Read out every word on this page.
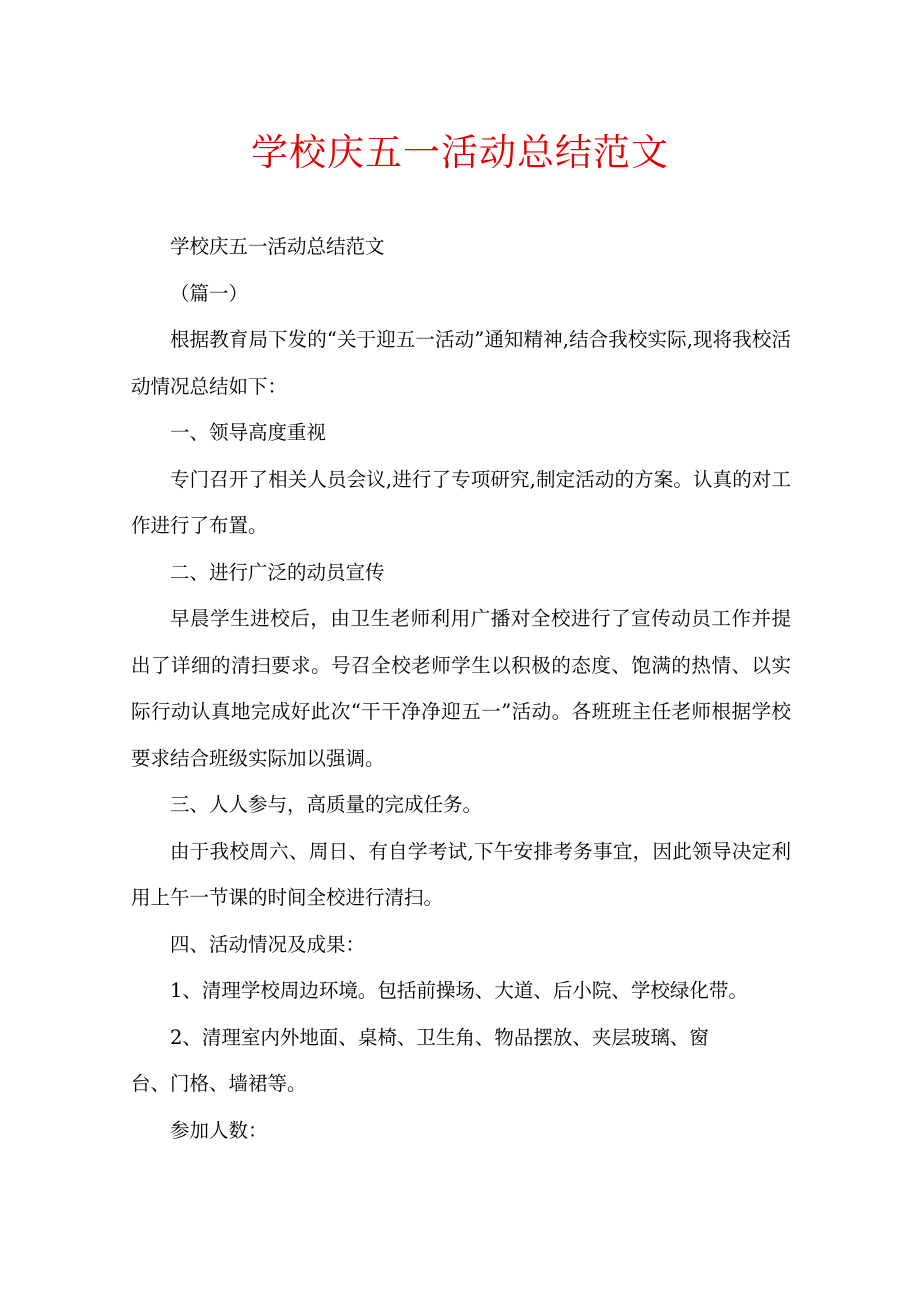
学校庆五一活动总结范文

学校庆五一活动总结范文

（篇一）

根据教育局下发的“关于迎五一活动”通知精神,结合我校实际,现将我校活动情况总结如下：

一、领导高度重视

专门召开了相关人员会议,进行了专项研究,制定活动的方案。认真的对工作进行了布置。

二、进行广泛的动员宣传

早晨学生进校后，由卫生老师利用广播对全校进行了宣传动员工作并提出了详细的清扫要求。号召全校老师学生以积极的态度、饱满的热情、以实际行动认真地完成好此次“干干净净迎五一”活动。各班班主任老师根据学校要求结合班级实际加以强调。

三、人人参与，高质量的完成任务。

由于我校周六、周日、有自学考试,下午安排考务事宜，因此领导决定利用上午一节课的时间全校进行清扫。

四、活动情况及成果：

1、清理学校周边环境。包括前操场、大道、后小院、学校绿化带。

2、清理室内外地面、桌椅、卫生角、物品摆放、夹层玻璃、窗

台、门格、墙裙等。

参加人数：
